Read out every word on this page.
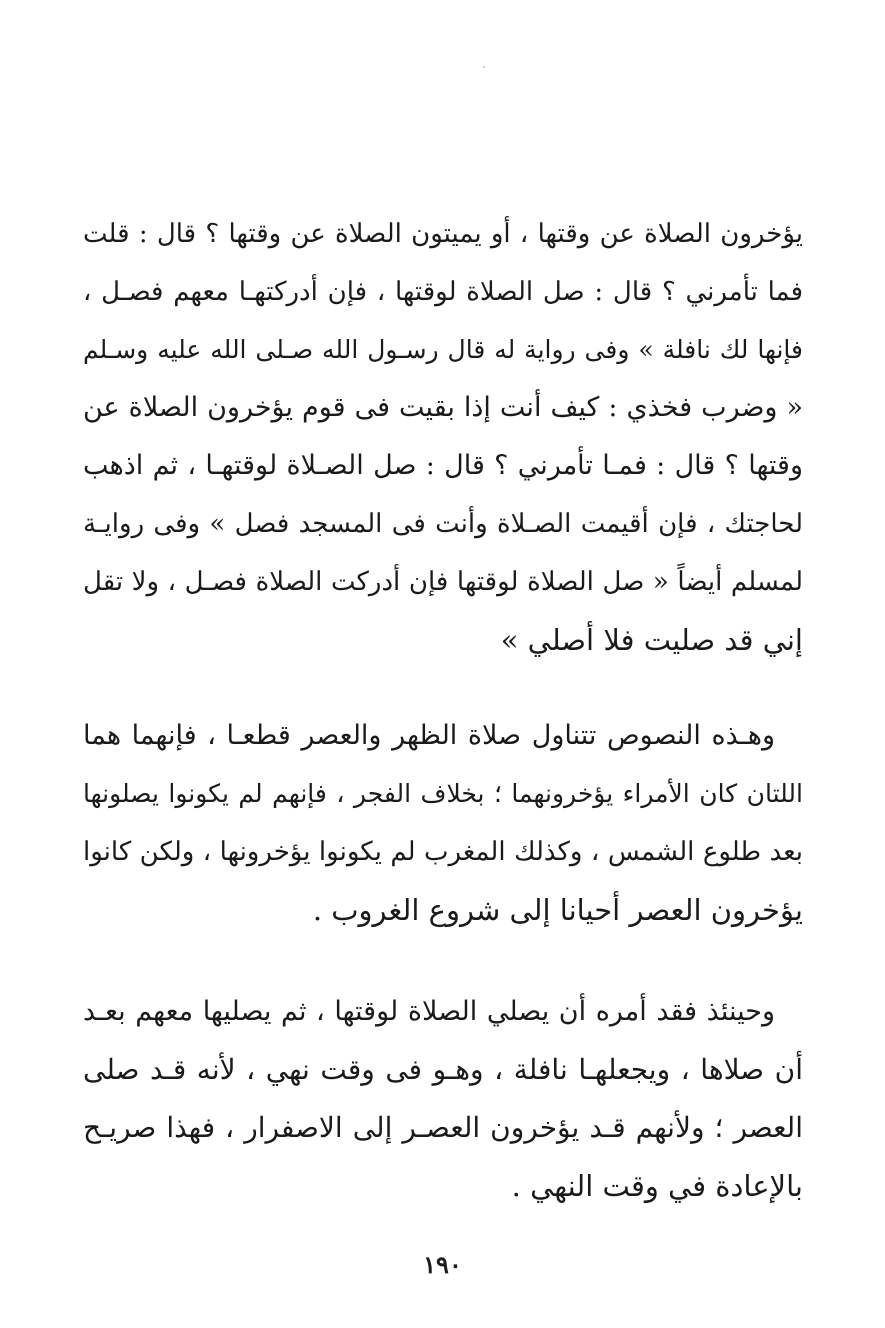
يؤخرون الصلاة عن وقتها ، أو يميتون الصلاة عن وقتها ؟ قال : قلت
فما تأمرني ؟ قال : صل الصلاة لوقتها ، فإن أدركتهـا معهم فصـل ،
فإنها لك نافلة » وفى رواية له قال رسـول الله صـلى الله عليه وسـلم
« وضرب فخذي : كيف أنت إذا بقيت فى قوم يؤخرون الصلاة عن
وقتها ؟ قال : فمـا تأمرني ؟ قال : صل الصـلاة لوقتهـا ، ثم اذهب
لحاجتك ، فإن أقيمت الصـلاة وأنت فى المسجد فصل » وفى روايـة
لمسلم أيضاً « صل الصلاة لوقتها فإن أدركت الصلاة فصـل ، ولا تقل
إني قد صليت فلا أصلي »
وهـذه النصوص تتناول صلاة الظهر والعصر قطعـا ، فإنهما هما
اللتان كان الأمراء يؤخرونهما ؛ بخلاف الفجر ، فإنهم لم يكونوا يصلونها
بعد طلوع الشمس ، وكذلك المغرب لم يكونوا يؤخرونها ، ولكن كانوا
يؤخرون العصر أحيانا إلى شروع الغروب .
وحينئذ فقد أمره أن يصلي الصلاة لوقتها ، ثم يصليها معهم بعـد
أن صلاها ، ويجعلهـا نافلة ، وهـو فى وقت نهي ، لأنه قـد صلى
العصر ؛ ولأنهم قـد يؤخرون العصـر إلى الاصفرار ، فهذا صريـح
بالإعادة في وقت النهي .
١٩٠
